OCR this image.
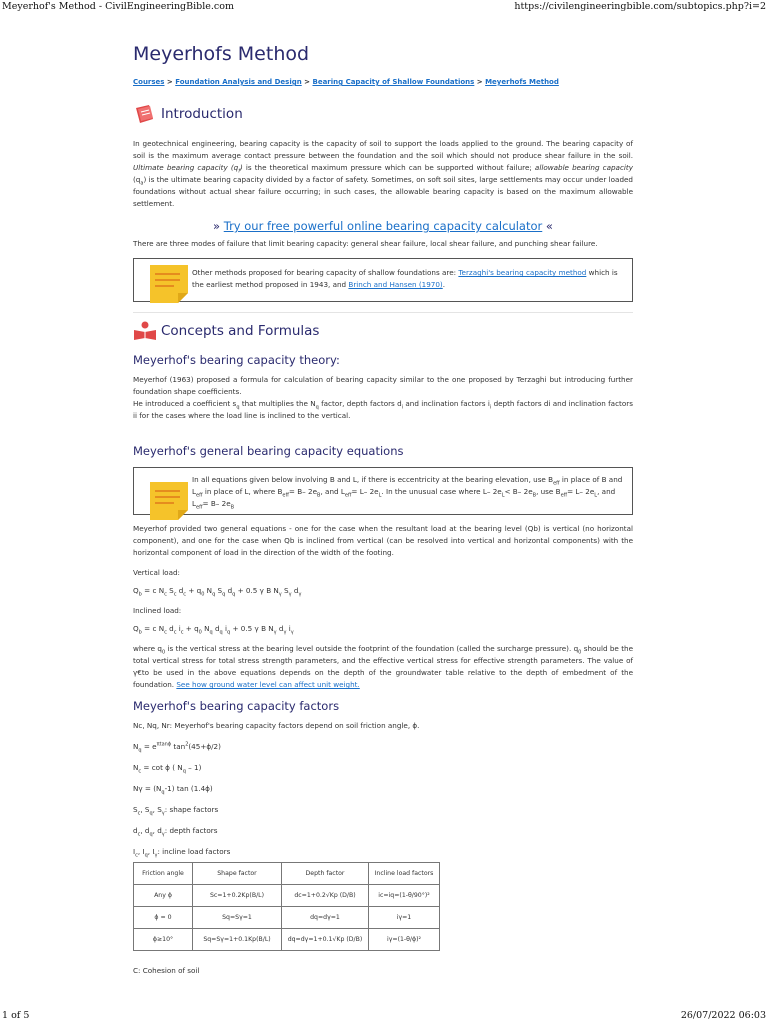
Meyerhof's Method - CivilEngineeringBible.com	https://civilengineeringbible.com/subtopics.php?i=2
Meyerhofs Method
Courses > Foundation Analysis and Design > Bearing Capacity of Shallow Foundations > Meyerhofs Method
Introduction

In geotechnical engineering, bearing capacity is the capacity of soil to support the loads applied to the ground. The bearing capacity of soil is the maximum average contact pressure between the foundation and the soil which should not produce shear failure in the soil. Ultimate bearing capacity $(q_f)$ is the theoretical maximum pressure which can be supported without failure; allowable bearing capacity $(q_a)$ is the ultimate bearing capacity divided by a factor of safety. Sometimes, on soft soil sites, large settlements may occur under loaded foundations without actual shear failure occurring; in such cases, the allowable bearing capacity is based on the maximum allowable settlement.

» Try our free powerful online bearing capacity calculator «

There are three modes of failure that limit bearing capacity: general shear failure, local shear failure, and punching shear failure.

Other methods proposed for bearing capacity of shallow foundations are: Terzaghi's bearing capacity method which is the earliest method proposed in 1943, and Brinch and Hansen (1970).
Concepts and Formulas
Meyerhof's bearing capacity theory:

Meyerhof (1963) proposed a formula for calculation of bearing capacity similar to the one proposed by Terzaghi but introducing further foundation shape coefficients.

He introduced a coefficient $s_q$ that multiplies the $N_q$ factor, depth factors $d_i$ and inclination factors $i_i$ depth factors di and inclination factors ii for the cases where the load line is inclined to the vertical.

Meyerhof's general bearing capacity equations
In all equations given below involving B and L, if there is eccentricity at the bearing elevation, use $B_{eff}$ in place of B and $L_{eff}$ in place of L, where $B_{eff}= B-$ $2e_B$, and $L_{eff}= L-$ $2e_L$. In the unusual case where L– $2e_L< B-$ $2e_B$, use $B_{eff}= L-$ $2e_L$, and $L_{eff}= B-$ $2e_B$

Meyerhof provided two general equations - one for the case when the resultant load at the bearing level (Qb) is vertical (no horizontal component), and one for the case when Qb is inclined from vertical (can be resolved into vertical and horizontal components) with the horizontal component of load in the direction of the width of the footing.

Vertical load:

$Q_b = c$ $N_c$ $S_c$ $d_c + q_0$ $N_q$ $S_q$ $d_q + 0.5$ γ B $N_\gamma$ $S_\gamma$ $d_\gamma$

Inclined load:

$Q_b = c$ $N_c$ $d_c$ $i_c + q_0$ $N_q$ $d_q$ $i_q + 0.5$ γ B $N_\gamma$ $d_\gamma$ $i_\gamma$

where $q_0$ is the vertical stress at the bearing level outside the footprint of the foundation (called the surcharge pressure). $q_0$ should be the total vertical stress for total stress strength parameters, and the effective vertical stress for effective strength parameters. The value of γ€to be used in the above equations depends on the depth of the groundwater table relative to the depth of embedment of the foundation. See how ground water level can affect unit weight.

Meyerhof's bearing capacity factors

Nc, Nq, Nr: Meyerhof's bearing capacity factors depend on soil friction angle, ϕ.

$N_q = e^{\pi tan\phi}$ $\tan^2(45+\phi/2)$

$N_c = \cot \phi$ ( $N_q - 1$)

$N\gamma = (N_q-1)$ tan (1.4ϕ)

$S_c$, $S_q$, $S_\gamma$: shape factors

$d_c$, $d_q$, $d_\gamma$: depth factors

$I_c$, $I_q$, $I_\gamma$: incline load factors

Friction angle	Shape factor	Depth factor	Incline load factors
Any ϕ	Sc=1+0.2Kp(B/L)	dc=1+0.2√Kp (D/B)	ic=iq=(1-θ/90°)²
ϕ = 0	Sq=Sγ=1	dq=dγ=1	iγ=1
ϕ≥10°	Sq=Sγ=1+0.1Kp(B/L)	dq=dγ=1+0.1√Kp (D/B)	iγ=(1-θ/ϕ)²

C: Cohesion of soil

1 of 5	26/07/2022 06:03
